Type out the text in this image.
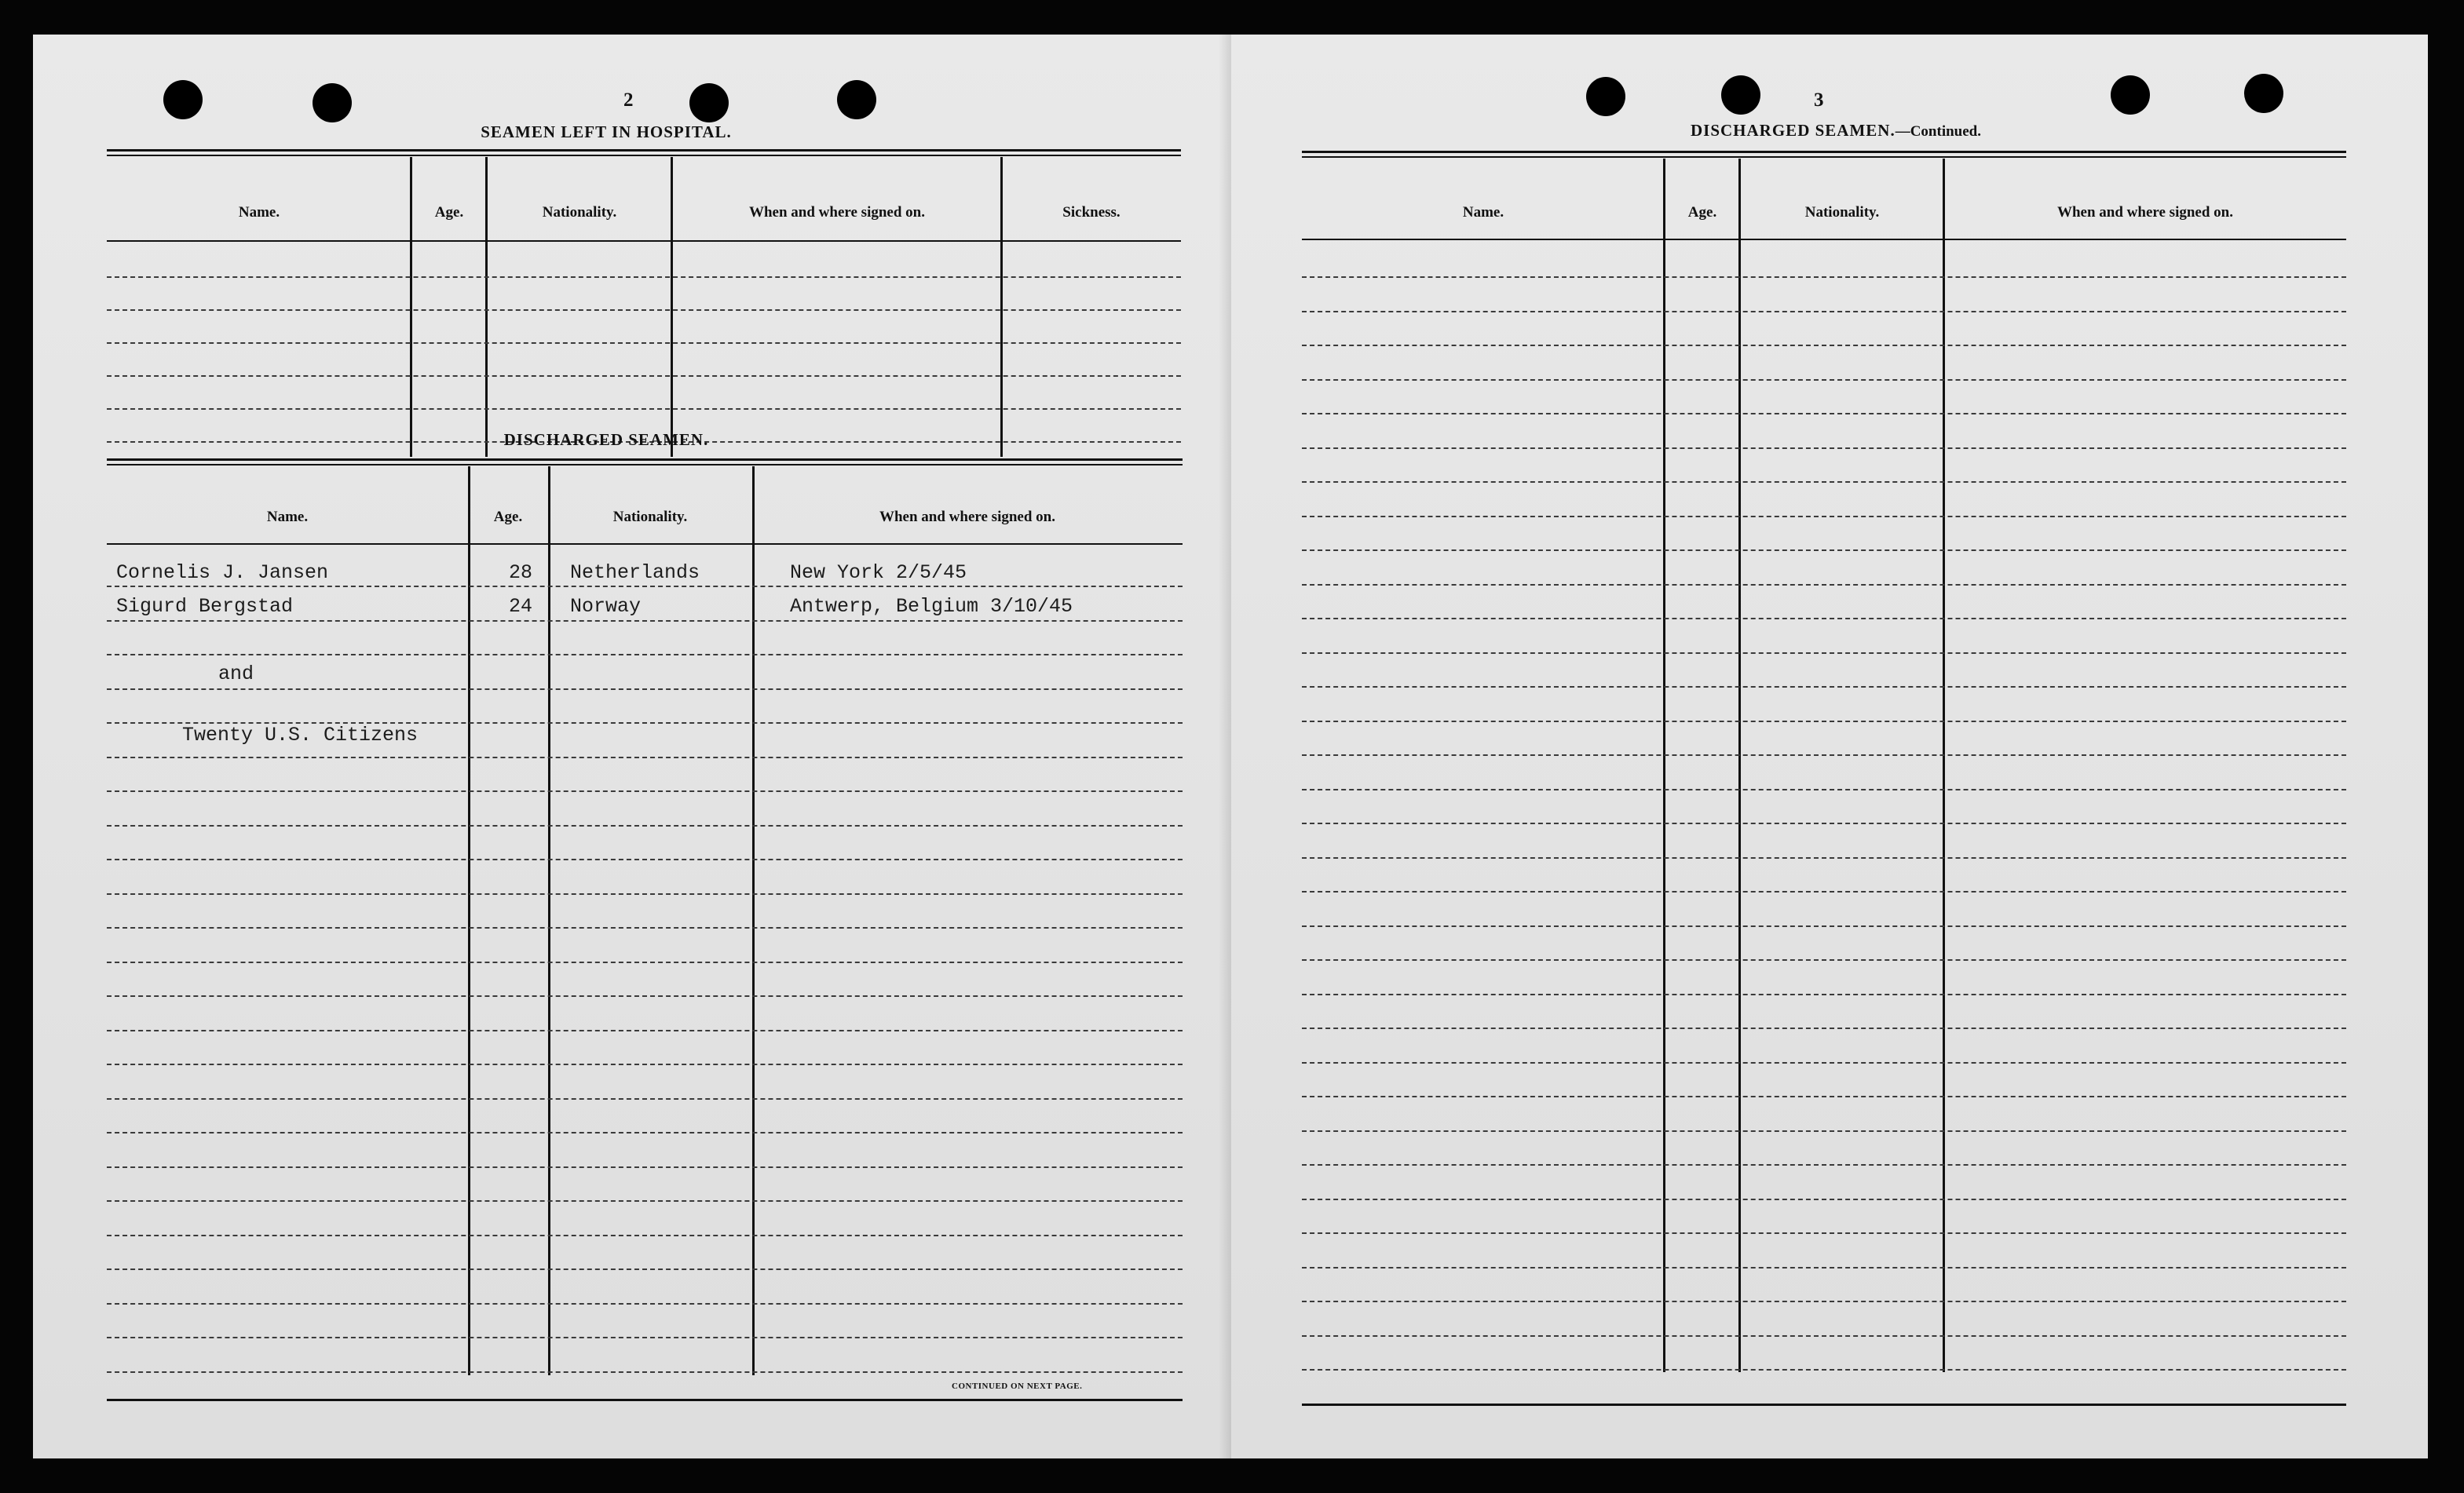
2
SEAMEN LEFT IN HOSPITAL.
Name.	Age.	Nationality.	When and where signed on.	Sickness.
DISCHARGED SEAMEN.
Name.	Age.	Nationality.	When and where signed on.
Cornelis J. Jansen	28 Netherlands	New York 2/5/45
Sigurd Bergstad	24 Norway	Antwerp, Belgium 3/10/45
and
Twenty U.S. Citizens
CONTINUED ON NEXT PAGE.
3
DISCHARGED SEAMEN.—Continued.
Name.	Age.	Nationality.	When and where signed on.
